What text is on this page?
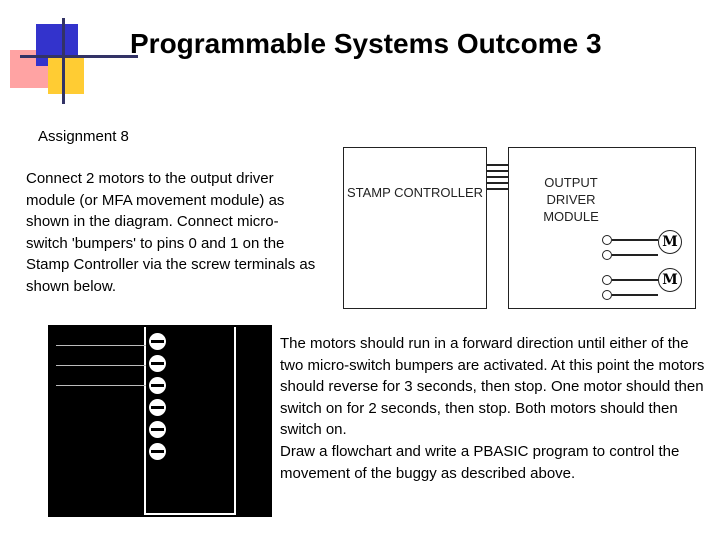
Programmable Systems Outcome 3
Assignment 8
Connect 2 motors to the output driver module (or MFA movement module) as shown in the diagram. Connect micro-switch 'bumpers' to pins 0 and 1 on the Stamp Controller via the screw terminals as shown below.
STAMP CONTROLLER
OUTPUT DRIVER MODULE
M
M

The motors should run in a forward direction until either of the two micro-switch bumpers are activated. At this point the motors should reverse for 3 seconds, then stop. One motor should then switch on for 2 seconds, then stop. Both motors should then switch on.

Draw a flowchart and write a PBASIC program to control the movement of the buggy as described above.
